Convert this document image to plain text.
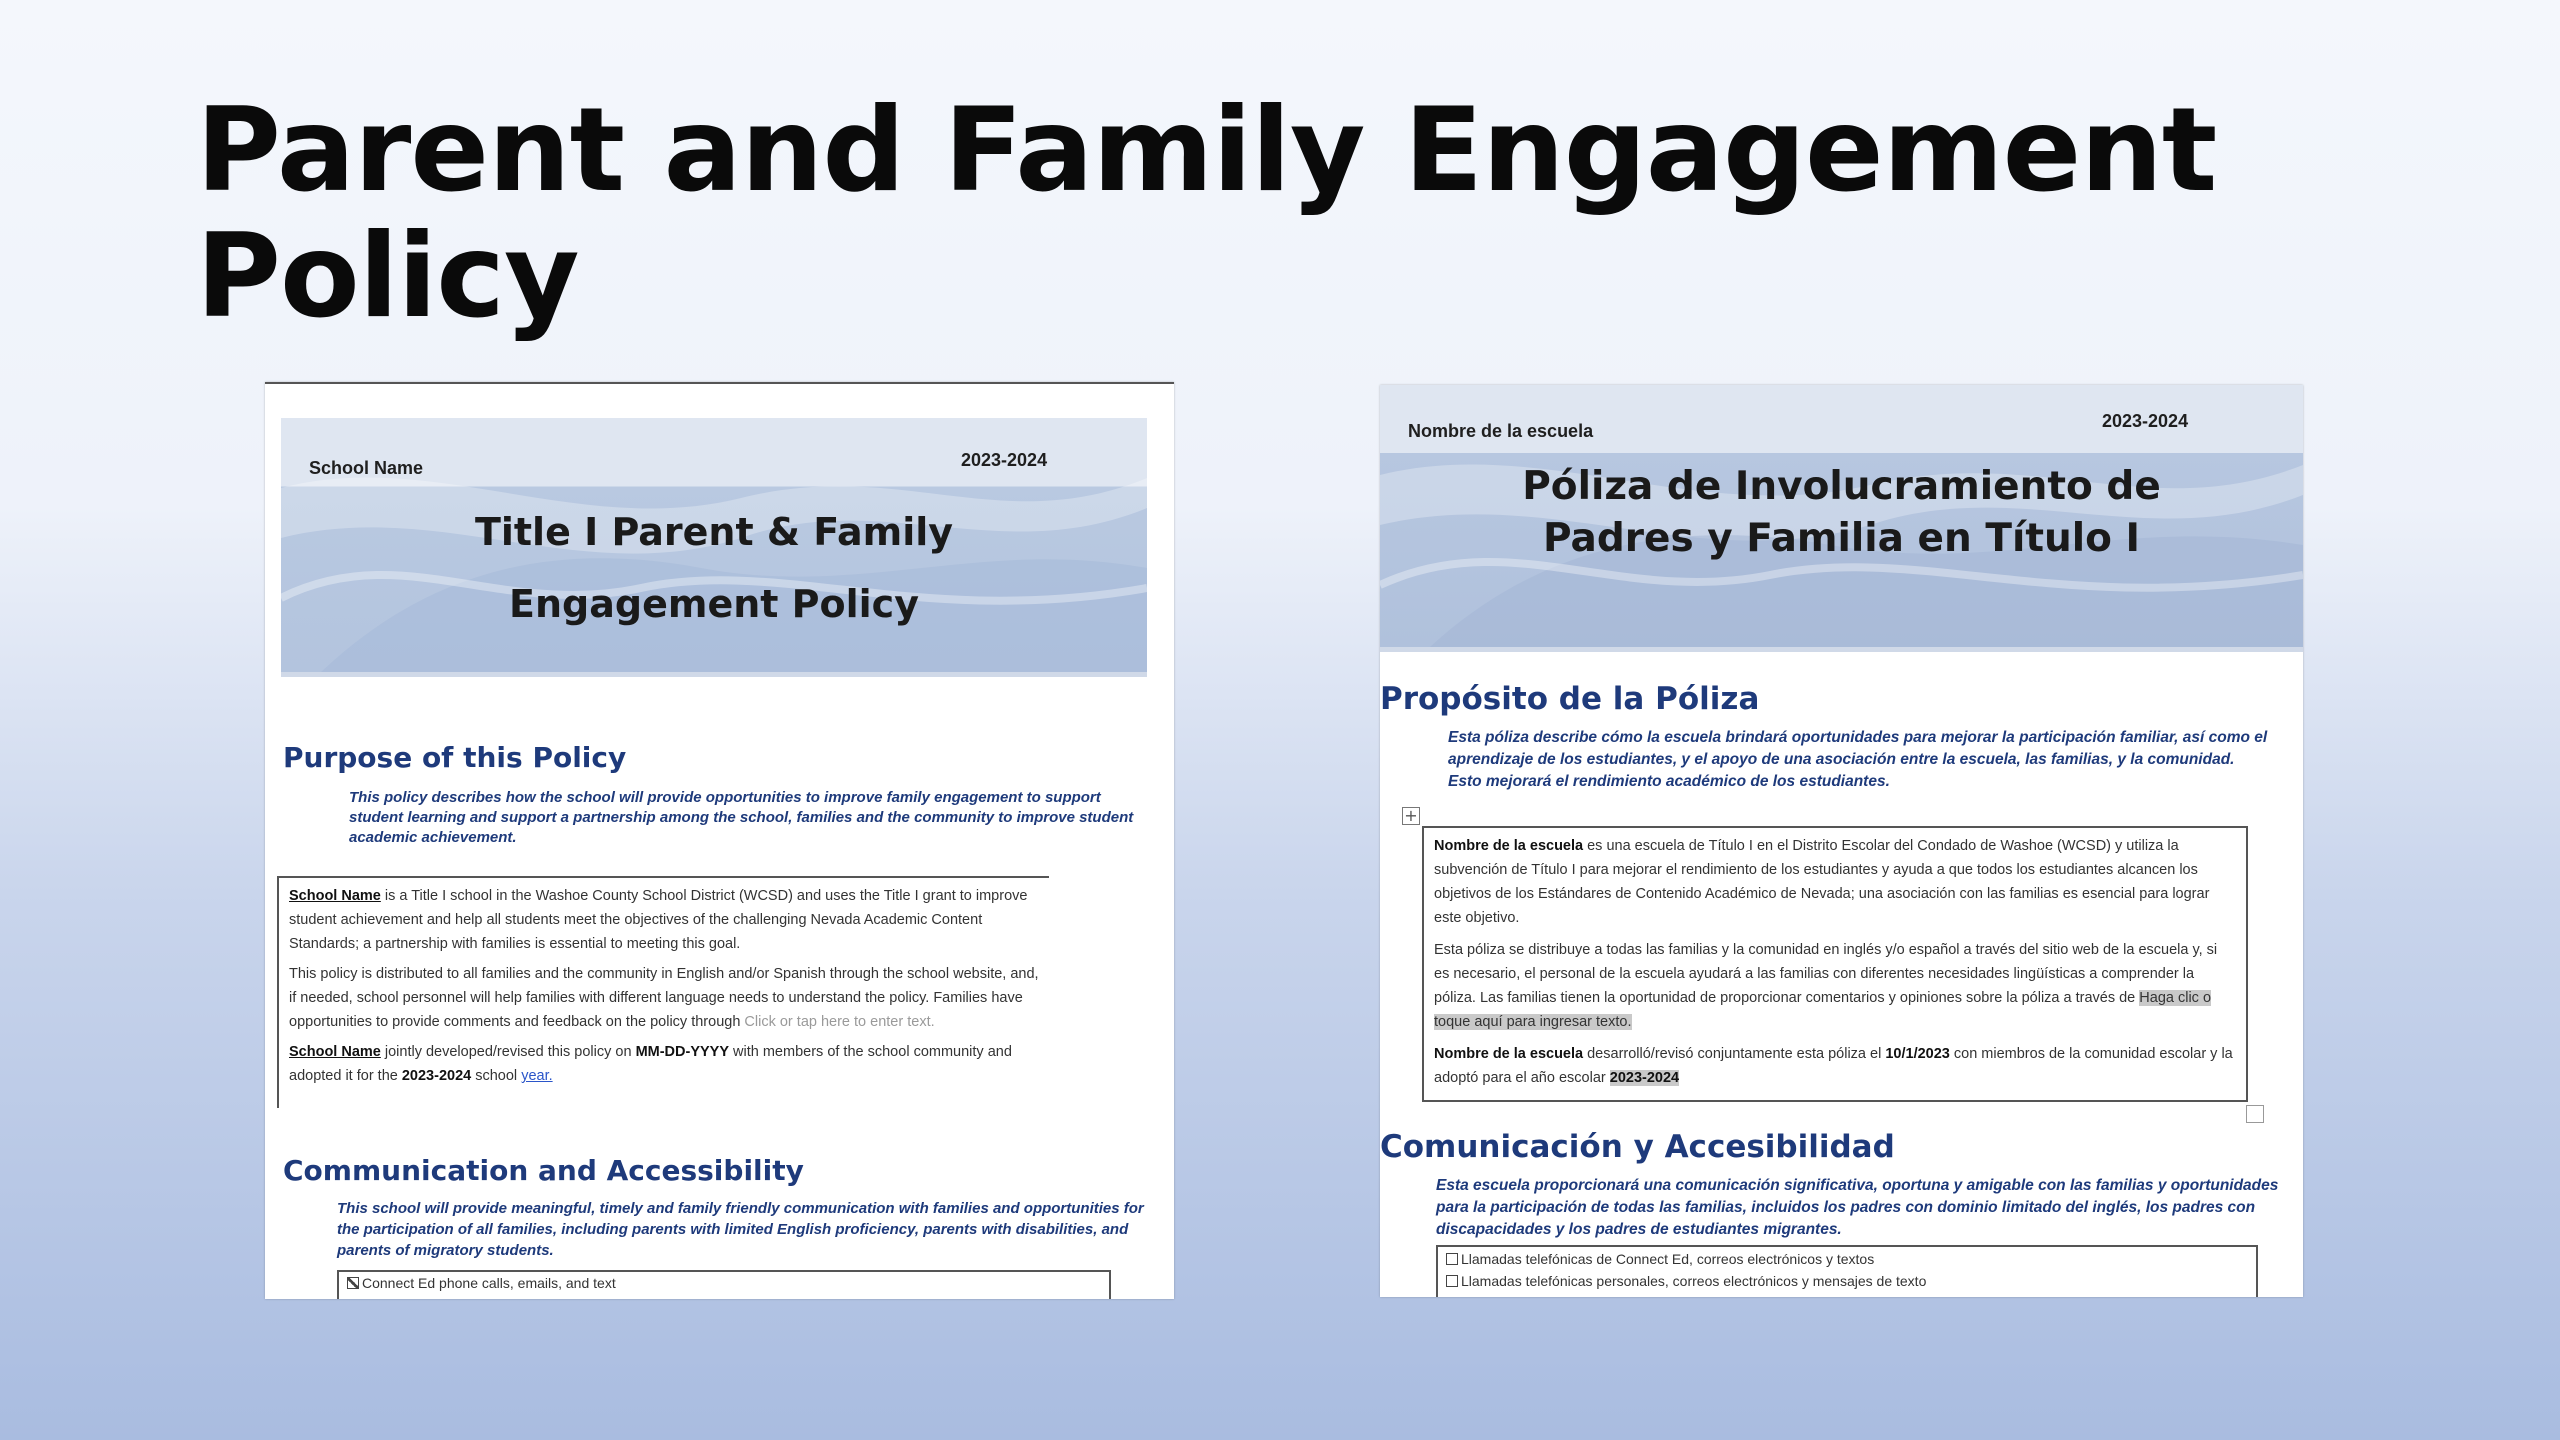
Parent and Family Engagement
Policy
School Name	2023-2024
Title I Parent & Family
Engagement Policy
Purpose of this Policy

This policy describes how the school will provide opportunities to improve family engagement to support student learning and support a partnership among the school, families and the community to improve student academic achievement.

School Name is a Title I school in the Washoe County School District (WCSD) and uses the Title I grant to improve student achievement and help all students meet the objectives of the challenging Nevada Academic Content Standards; a partnership with families is essential to meeting this goal.

This policy is distributed to all families and the community in English and/or Spanish through the school website, and, if needed, school personnel will help families with different language needs to understand the policy. Families have opportunities to provide comments and feedback on the policy through Click or tap here to enter text.

School Name jointly developed/revised this policy on MM-DD-YYYY with members of the school community and adopted it for the 2023-2024 school year.

Communication and Accessibility

This school will provide meaningful, timely and family friendly communication with families and opportunities for the participation of all families, including parents with limited English proficiency, parents with disabilities, and parents of migratory students.

Connect Ed phone calls, emails, and text

Nombre de la escuela	2023-2024
Póliza de Involucramiento de
Padres y Familia en Título I
Propósito de la Póliza

Esta póliza describe cómo la escuela brindará oportunidades para mejorar la participación familiar, así como el aprendizaje de los estudiantes, y el apoyo de una asociación entre la escuela, las familias, y la comunidad. Esto mejorará el rendimiento académico de los estudiantes.

+

Nombre de la escuela es una escuela de Título I en el Distrito Escolar del Condado de Washoe (WCSD) y utiliza la subvención de Título I para mejorar el rendimiento de los estudiantes y ayuda a que todos los estudiantes alcancen los objetivos de los Estándares de Contenido Académico de Nevada; una asociación con las familias es esencial para lograr este objetivo.

Esta póliza se distribuye a todas las familias y la comunidad en inglés y/o español a través del sitio web de la escuela y, si es necesario, el personal de la escuela ayudará a las familias con diferentes necesidades lingüísticas a comprender la póliza. Las familias tienen la oportunidad de proporcionar comentarios y opiniones sobre la póliza a través de Haga clic o toque aquí para ingresar texto.

Nombre de la escuela desarrolló/revisó conjuntamente esta póliza el 10/1/2023 con miembros de la comunidad escolar y la adoptó para el año escolar 2023-2024

Comunicación y Accesibilidad

Esta escuela proporcionará una comunicación significativa, oportuna y amigable con las familias y oportunidades para la participación de todas las familias, incluidos los padres con dominio limitado del inglés, los padres con discapacidades y los padres de estudiantes migrantes.

Llamadas telefónicas de Connect Ed, correos electrónicos y textos

Llamadas telefónicas personales, correos electrónicos y mensajes de texto
